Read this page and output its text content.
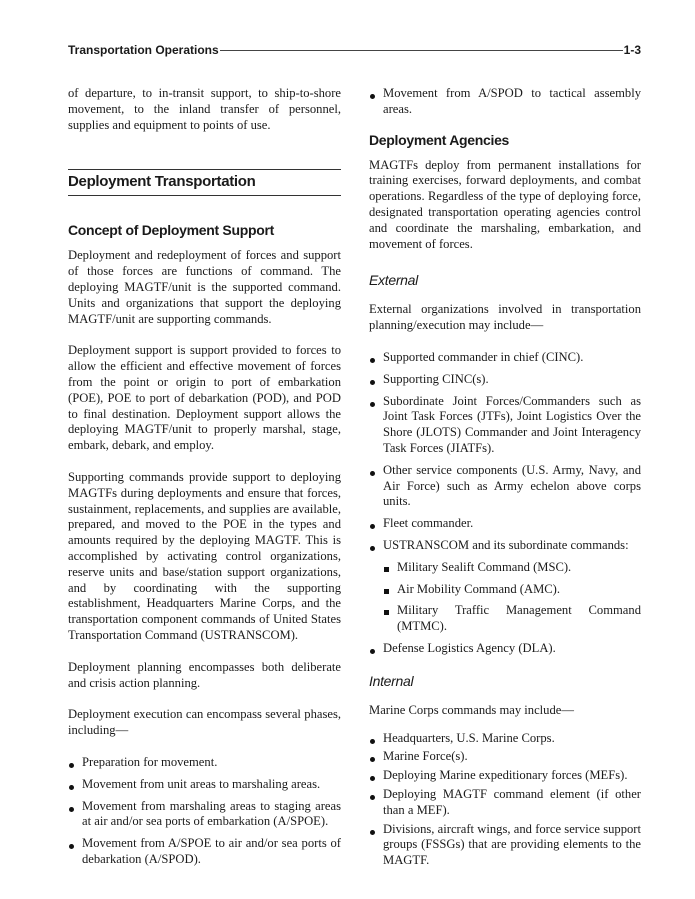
Transportation Operations	1-3

of departure, to in-transit support, to ship-to-shore movement, to the inland transfer of personnel, supplies and equipment to points of use.

Deployment Transportation
Concept of Deployment Support

Deployment and redeployment of forces and support of those forces are functions of command. The deploying MAGTF/unit is the supported command. Units and organizations that support the deploying MAGTF/unit are supporting commands.

Deployment support is support provided to forces to allow the efficient and effective movement of forces from the point or origin to port of embarkation (POE), POE to port of debarkation (POD), and POD to final destination. Deployment support allows the deploying MAGTF/unit to properly marshal, stage, embark, debark, and employ.

Supporting commands provide support to deploying MAGTFs during deployments and ensure that forces, sustainment, replacements, and supplies are available, prepared, and moved to the POE in the types and amounts required by the deploying MAGTF. This is accomplished by activating control organizations, reserve units and base/station support organizations, and by coordinating with the supporting establishment, Headquarters Marine Corps, and the transportation component commands of United States Transportation Command (USTRANSCOM).

Deployment planning encompasses both deliberate and crisis action planning.

Deployment execution can encompass several phases, including—

Preparation for movement.
Movement from unit areas to marshaling areas.
Movement from marshaling areas to staging areas at air and/or sea ports of embarkation (A/SPOE).
Movement from A/SPOE to air and/or sea ports of debarkation (A/SPOD).
Movement from A/SPOD to tactical assembly areas.
Deployment Agencies

MAGTFs deploy from permanent installations for training exercises, forward deployments, and combat operations. Regardless of the type of deploying force, designated transportation operating agencies control and coordinate the marshaling, embarkation, and movement of forces.

External

External organizations involved in transportation planning/execution may include—

Supported commander in chief (CINC).
Supporting CINC(s).
Subordinate Joint Forces/Commanders such as Joint Task Forces (JTFs), Joint Logistics Over the Shore (JLOTS) Commander and Joint Interagency Task Forces (JIATFs).
Other service components (U.S. Army, Navy, and Air Force) such as Army echelon above corps units.
Fleet commander.
USTRANSCOM and its subordinate commands:
Military Sealift Command (MSC).
Air Mobility Command (AMC).
Military Traffic Management Command (MTMC).
Defense Logistics Agency (DLA).
Internal

Marine Corps commands may include—

Headquarters, U.S. Marine Corps.
Marine Force(s).
Deploying Marine expeditionary forces (MEFs).
Deploying MAGTF command element (if other than a MEF).
Divisions, aircraft wings, and force service support groups (FSSGs) that are providing elements to the MAGTF.
